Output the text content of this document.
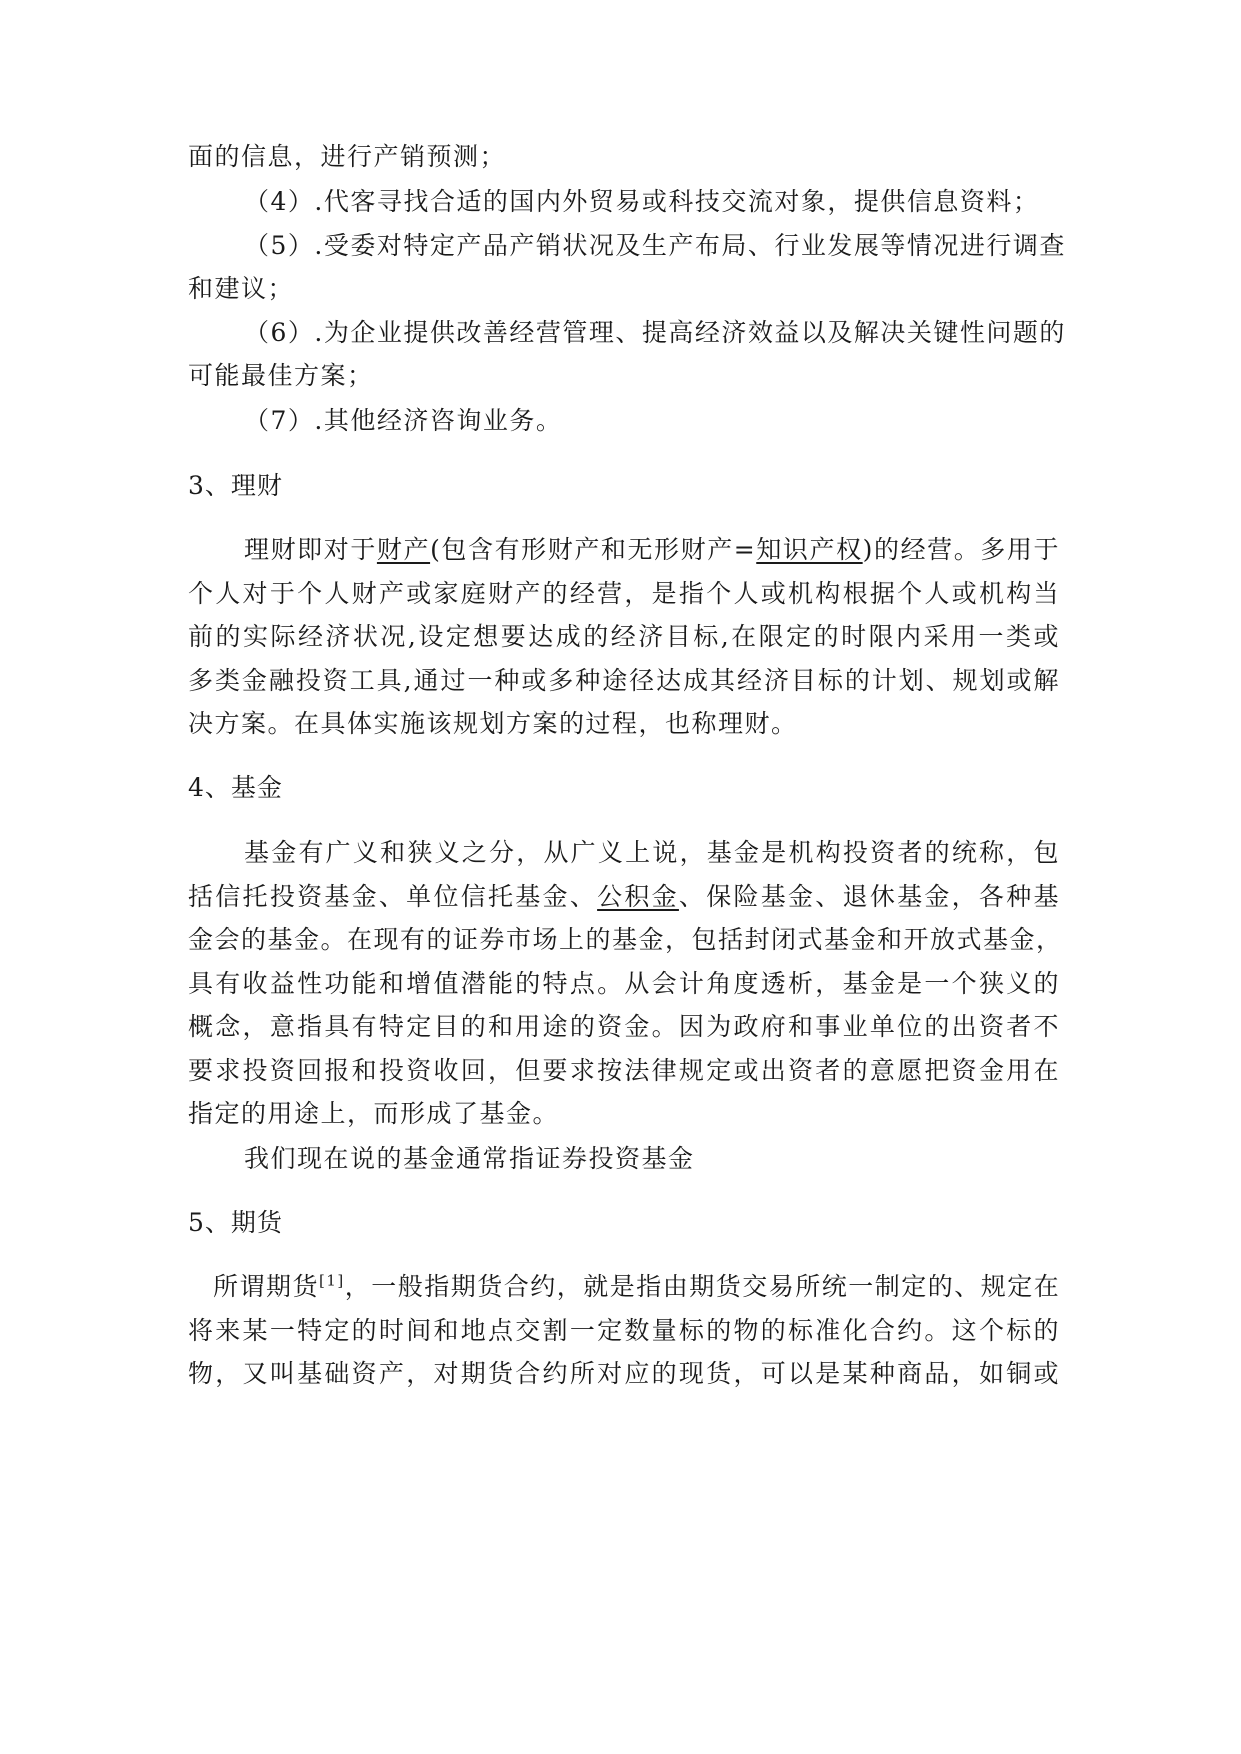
面的信息，进行产销预测；
（4）.代客寻找合适的国内外贸易或科技交流对象，提供信息资料；
（5）.受委对特定产品产销状况及生产布局、行业发展等情况进行调查
和建议；
（6）.为企业提供改善经营管理、提高经济效益以及解决关键性问题的
可能最佳方案；
（7）.其他经济咨询业务。
3、理财
理财即对于财产(包含有形财产和无形财产=知识产权)的经营。多用于
个人对于个人财产或家庭财产的经营，是指个人或机构根据个人或机构当
前的实际经济状况,设定想要达成的经济目标,在限定的时限内采用一类或
多类金融投资工具,通过一种或多种途径达成其经济目标的计划、规划或解
决方案。在具体实施该规划方案的过程，也称理财。
4、基金
基金有广义和狭义之分，从广义上说，基金是机构投资者的统称，包
括信托投资基金、单位信托基金、公积金、保险基金、退休基金，各种基
金会的基金。在现有的证券市场上的基金，包括封闭式基金和开放式基金，
具有收益性功能和增值潜能的特点。从会计角度透析，基金是一个狭义的
概念，意指具有特定目的和用途的资金。因为政府和事业单位的出资者不
要求投资回报和投资收回，但要求按法律规定或出资者的意愿把资金用在
指定的用途上，而形成了基金。
我们现在说的基金通常指证券投资基金
5、期货
所谓期货[1]，一般指期货合约，就是指由期货交易所统一制定的、规定在
将来某一特定的时间和地点交割一定数量标的物的标准化合约。这个标的
物，又叫基础资产，对期货合约所对应的现货，可以是某种商品，如铜或
